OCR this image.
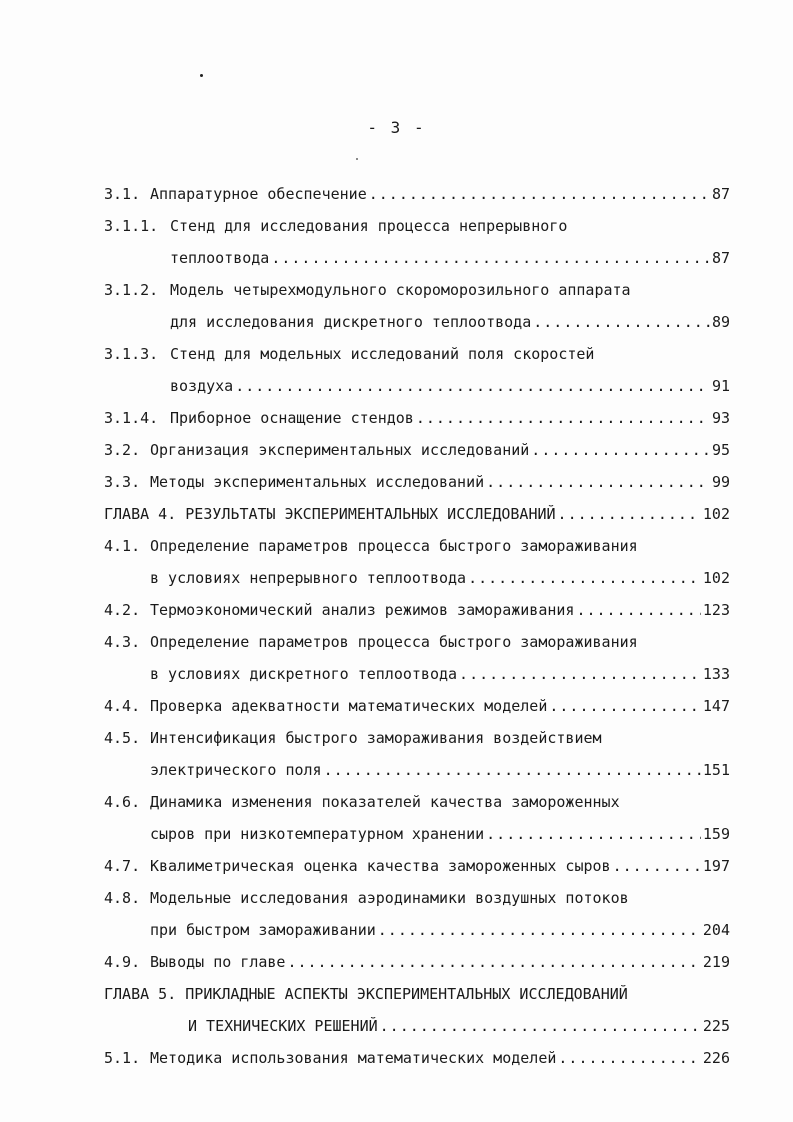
- 3 -
3.1. Аппаратурное обеспечение .....	87
3.1.1. Стенд для исследования процесса непрерывного
теплоотвода .....	87
3.1.2. Модель четырехмодульного скороморозильного аппарата
для исследования дискретного теплоотвода .....	89
3.1.3. Стенд для модельных исследований поля скоростей
воздуха .....	91
3.1.4. Приборное оснащение стендов .....	93
3.2. Организация экспериментальных исследований .....	95
3.3. Методы экспериментальных исследований .....	99
ГЛАВА 4. РЕЗУЛЬТАТЫ ЭКСПЕРИМЕНТАЛЬНЫХ ИССЛЕДОВАНИЙ .....	102
4.1. Определение параметров процесса быстрого замораживания
в условиях непрерывного теплоотвода .....	102
4.2. Термоэкономический анализ режимов замораживания .....	123
4.3. Определение параметров процесса быстрого замораживания
в условиях дискретного теплоотвода .....	133
4.4. Проверка адекватности математических моделей .....	147
4.5. Интенсификация быстрого замораживания воздействием
электрического поля .....	151
4.6. Динамика изменения показателей качества замороженных
сыров при низкотемпературном хранении .....	159
4.7. Квалиметрическая оценка качества замороженных сыров .....	197
4.8. Модельные исследования аэродинамики воздушных потоков
при быстром замораживании .....	204
4.9. Выводы по главе .....	219
ГЛАВА 5. ПРИКЛАДНЫЕ АСПЕКТЫ ЭКСПЕРИМЕНТАЛЬНЫХ ИССЛЕДОВАНИЙ
И ТЕХНИЧЕСКИХ РЕШЕНИЙ .....	225
5.1. Методика использования математических моделей .....	226
